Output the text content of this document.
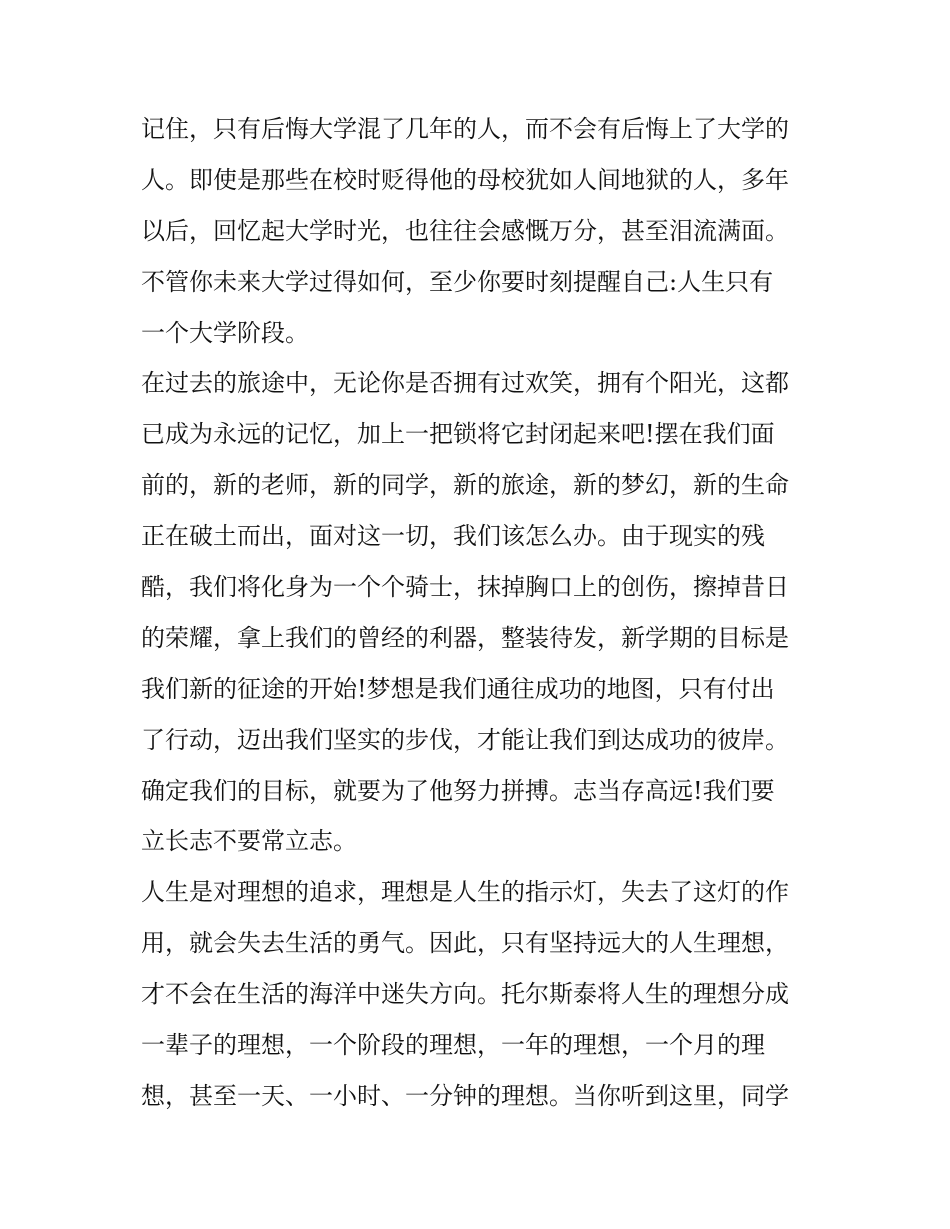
记住，只有后悔大学混了几年的人，而不会有后悔上了大学的
人。即使是那些在校时贬得他的母校犹如人间地狱的人，多年
以后，回忆起大学时光，也往往会感慨万分，甚至泪流满面。
不管你未来大学过得如何，至少你要时刻提醒自己:人生只有
一个大学阶段。
在过去的旅途中，无论你是否拥有过欢笑，拥有个阳光，这都
已成为永远的记忆，加上一把锁将它封闭起来吧!摆在我们面
前的，新的老师，新的同学，新的旅途，新的梦幻，新的生命
正在破土而出，面对这一切，我们该怎么办。由于现实的残
酷，我们将化身为一个个骑士，抹掉胸口上的创伤，擦掉昔日
的荣耀，拿上我们的曾经的利器，整装待发，新学期的目标是
我们新的征途的开始!梦想是我们通往成功的地图，只有付出
了行动，迈出我们坚实的步伐，才能让我们到达成功的彼岸。
确定我们的目标，就要为了他努力拼搏。志当存高远!我们要
立长志不要常立志。
人生是对理想的追求，理想是人生的指示灯，失去了这灯的作
用，就会失去生活的勇气。因此，只有坚持远大的人生理想，
才不会在生活的海洋中迷失方向。托尔斯泰将人生的理想分成
一辈子的理想，一个阶段的理想，一年的理想，一个月的理
想，甚至一天、一小时、一分钟的理想。当你听到这里，同学
